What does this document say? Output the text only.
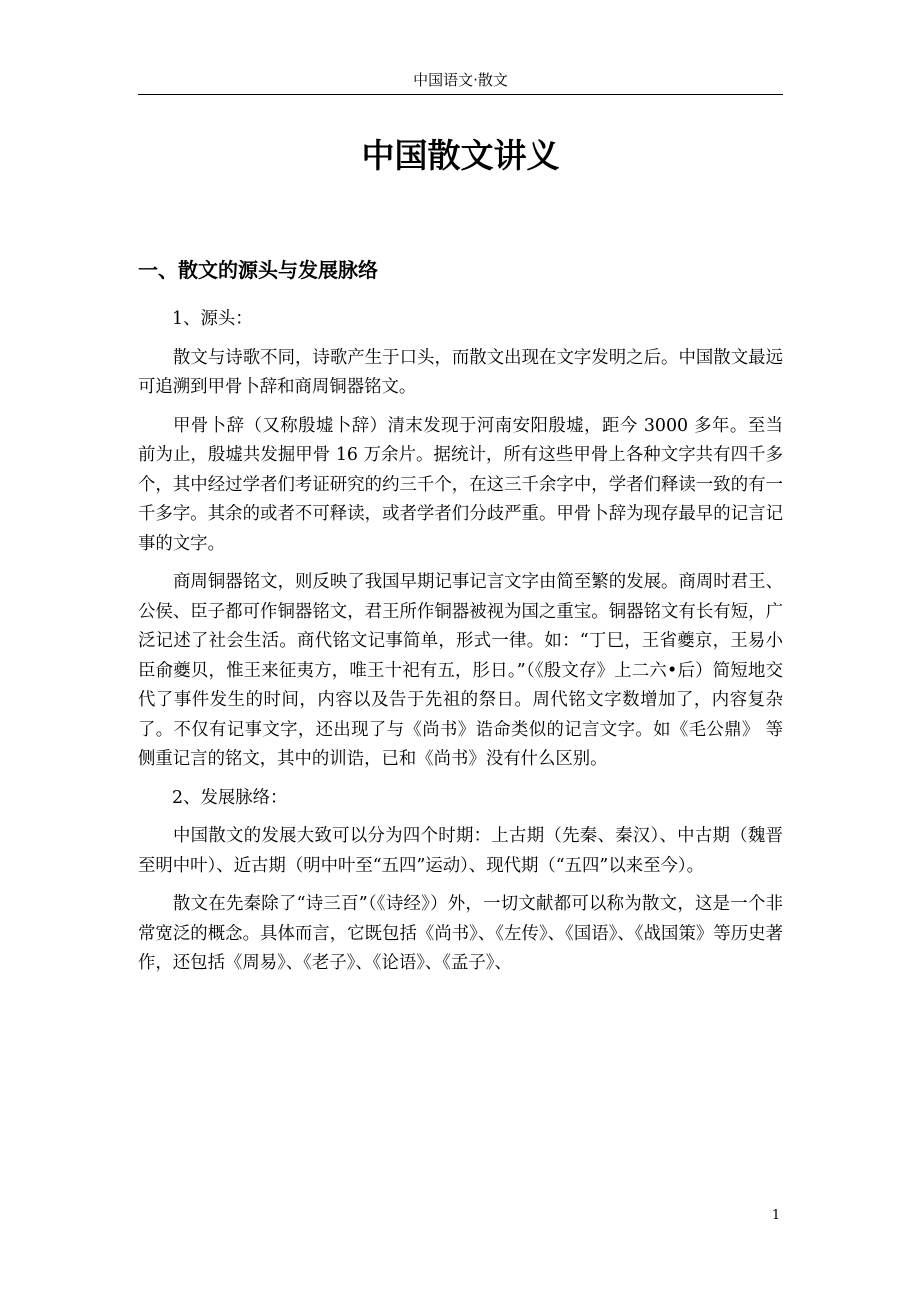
中国语文·散文
中国散文讲义
一、散文的源头与发展脉络

1、源头：

散文与诗歌不同，诗歌产生于口头，而散文出现在文字发明之后。中国散文最远可追溯到甲骨卜辞和商周铜器铭文。

甲骨卜辞（又称殷墟卜辞）清末发现于河南安阳殷墟，距今 3000 多年。至当前为止，殷墟共发掘甲骨 16 万余片。据统计，所有这些甲骨上各种文字共有四千多个，其中经过学者们考证研究的约三千个，在这三千余字中，学者们释读一致的有一千多字。其余的或者不可释读，或者学者们分歧严重。甲骨卜辞为现存最早的记言记事的文字。

商周铜器铭文，则反映了我国早期记事记言文字由简至繁的发展。商周时君王、公侯、臣子都可作铜器铭文，君王所作铜器被视为国之重宝。铜器铭文有长有短，广泛记述了社会生活。商代铭文记事简单，形式一律。如：“丁巳，王省夔京，王易小臣俞夔贝，惟王来征夷方，唯王十祀有五，肜日。”（《殷文存》上二六•后）简短地交代了事件发生的时间，内容以及告于先祖的祭日。周代铭文字数增加了，内容复杂了。不仅有记事文字，还出现了与《尚书》诰命类似的记言文字。如《毛公鼎》 等侧重记言的铭文，其中的训诰，已和《尚书》没有什么区别。

2、发展脉络：

中国散文的发展大致可以分为四个时期：上古期（先秦、秦汉）、中古期（魏晋至明中叶）、近古期（明中叶至“五四”运动）、现代期（“五四”以来至今）。

散文在先秦除了“诗三百”（《诗经》）外，一切文献都可以称为散文，这是一个非常宽泛的概念。具体而言，它既包括《尚书》、《左传》、《国语》、《战国策》等历史著作，还包括《周易》、《老子》、《论语》、《孟子》、

1
